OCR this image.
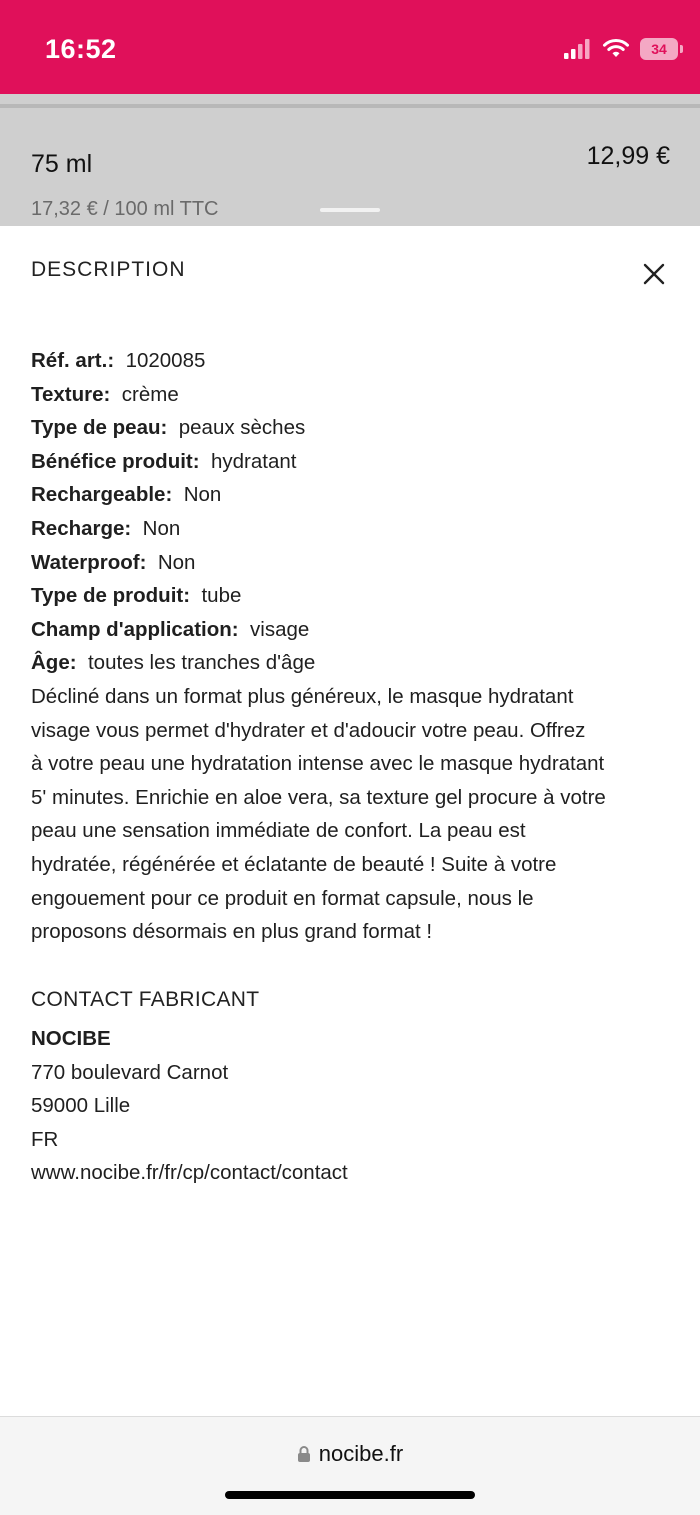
16:52	34
75 ml	12,99 €
17,32 € / 100 ml TTC
DESCRIPTION
Réf. art.: 1020085
Texture: crème
Type de peau: peaux sèches
Bénéfice produit: hydratant
Rechargeable: Non
Recharge: Non
Waterproof: Non
Type de produit: tube
Champ d'application: visage
Âge: toutes les tranches d'âge
Décliné dans un format plus généreux, le masque hydratant
visage vous permet d'hydrater et d'adoucir votre peau. Offrez
à votre peau une hydratation intense avec le masque hydratant
5' minutes. Enrichie en aloe vera, sa texture gel procure à votre
peau une sensation immédiate de confort. La peau est
hydratée, régénérée et éclatante de beauté ! Suite à votre
engouement pour ce produit en format capsule, nous le
proposons désormais en plus grand format !
CONTACT FABRICANT
NOCIBE
770 boulevard Carnot
59000 Lille
FR
www.nocibe.fr/fr/cp/contact/contact
nocibe.fr
